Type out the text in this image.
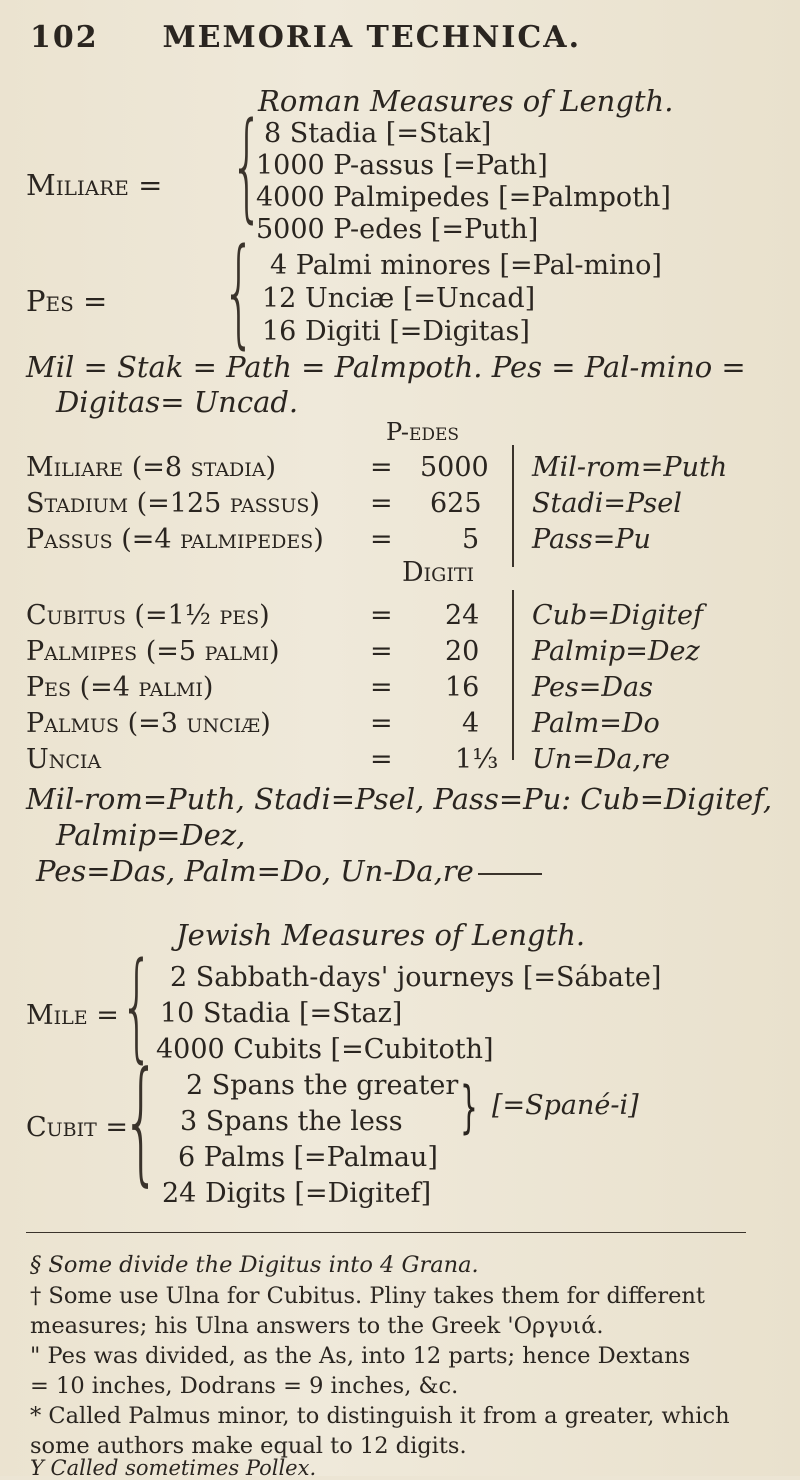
102 MEMORIA TECHNICA.
Roman Measures of Length.
Miliare = { 8 Stadia [=Stak]
1000 P-assus [=Path]
4000 Palmipedes [=Palmpoth]
5000 P-edes [=Puth]
Pes = { 4 Palmi minores [=Pal-mino]
12 Unciæ [=Uncad]
16 Digiti [=Digitas]
Mil = Stak = Path = Palmpoth. Pes = Pal-mino =
Digitas= Uncad.
P-edes
Miliare (=8 stadia)	= 5000 Mil-rom=Puth
Stadium (=125 passus) = 625 Stadi=Psel
Passus (=4 palmipedes) =	5 Pass=Pu
Digiti
Cubitus (=1½ pes)	= 24 Cub=Digitef
Palmipes (=5 palmi)	= 20 Palmip=Dez
Pes (=4 palmi)	= 16 Pes=Das
Palmus (=3 unciæ)	=	4 Palm=Do
Uncia	= 1⅓ Un=Da,re
Mil-rom=Puth, Stadi=Psel, Pass=Pu: Cub=Digitef,
Palmip=Dez,
Pes=Das, Palm=Do, Un-Da,re
Jewish Measures of Length.
Mile = { 2 Sabbath-days' journeys [=Sábate]
10 Stadia [=Staz]
4000 Cubits [=Cubitoth]
Cubit =
{ 2 Spans the greater
3 Spans the less
6 Palms [=Palmau]
24 Digits [=Digitef]
} [=Spané-i]
§ Some divide the Digitus into 4 Grana.
† Some use Ulna for Cubitus. Pliny takes them for different
measures; his Ulna answers to the Greek 'Οργυιά.
" Pes was divided, as the As, into 12 parts; hence Dextans
= 10 inches, Dodrans = 9 inches, &c.
* Called Palmus minor, to distinguish it from a greater, which
some authors make equal to 12 digits.
Y Called sometimes Pollex.
